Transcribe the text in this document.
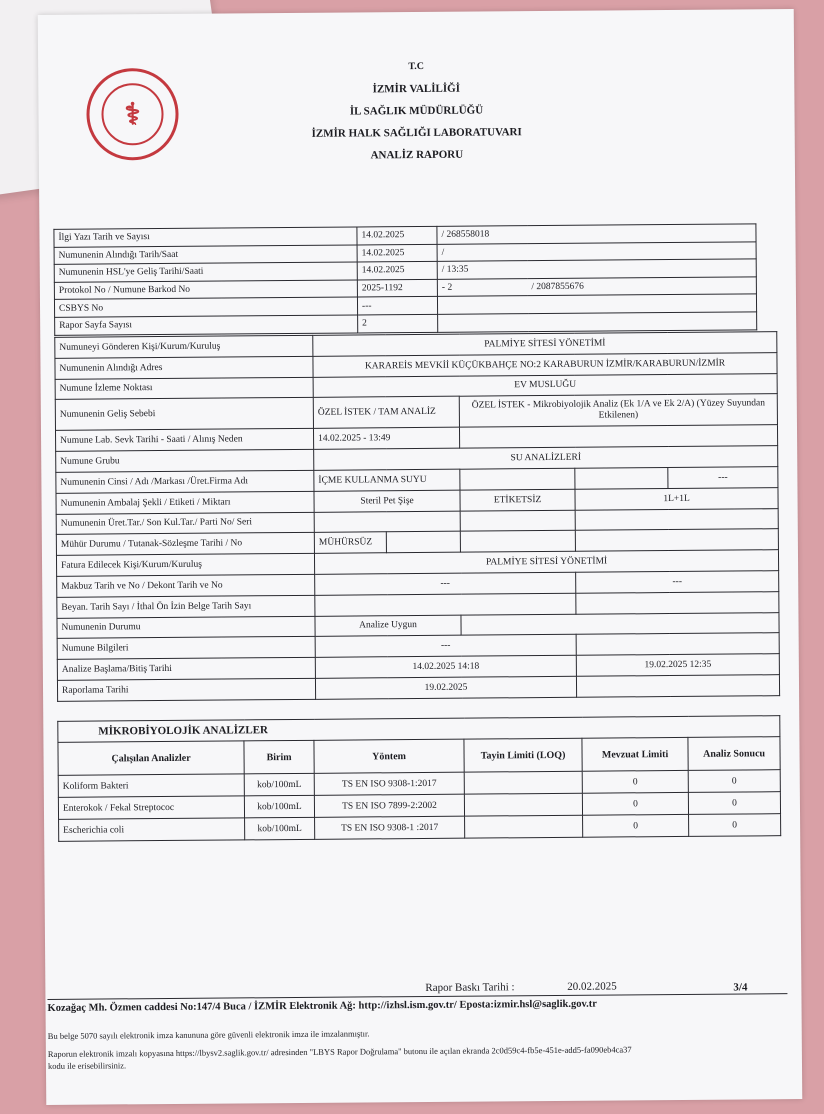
⚕
T.C
İZMİR VALİLİĞİ
İL SAĞLIK MÜDÜRLÜĞÜ
İZMİR HALK SAĞLIĞI LABORATUVARI
ANALİZ RAPORU
İlgi Yazı Tarih ve Sayısı	14.02.2025	/ 268558018	
Numunenin Alındığı Tarih/Saat	14.02.2025	/	
Numunenin HSL'ye Geliş Tarihi/Saati	14.02.2025	/ 13:35	
Protokol No / Numune Barkod No	2025-1192	- 2	/ 2087855676
CSBYS No	---		
Rapor Sayfa Sayısı	2		
Numuneyi Gönderen Kişi/Kurum/Kuruluş	PALMİYE SİTESİ YÖNETİMİ				
Numunenin Alındığı Adres	KARAREİS MEVKİİ KÜÇÜKBAHÇE NO:2 KARABURUN İZMİR/KARABURUN/İZMİR				
Numune İzleme Noktası	EV MUSLUĞU				
Numunenin Geliş Sebebi	ÖZEL İSTEK / TAM ANALİZ		ÖZEL İSTEK - Mikrobiyolojik Analiz (Ek 1/A ve Ek 2/A) (Yüzey Suyundan Etkilenen)		
Numune Lab. Sevk Tarihi - Saati / Alınış Neden	14.02.2025 - 13:49				
Numune Grubu	SU ANALİZLERİ				
Numunenin Cinsi / Adı /Markası /Üret.Firma Adı	İÇME KULLANMA SUYU				---
Numunenin Ambalaj Şekli / Etiketi / Miktarı	Steril Pet Şişe		ETİKETSİZ	1L+1L	
Numunenin Üret.Tar./ Son Kul.Tar./ Parti No/ Seri					
Mühür Durumu / Tutanak-Sözleşme Tarihi / No	MÜHÜRSÜZ				
Fatura Edilecek Kişi/Kurum/Kuruluş	PALMİYE SİTESİ YÖNETİMİ				
Makbuz Tarih ve No / Dekont Tarih ve No	---			---	
Beyan. Tarih Sayı / İthal Ön İzin Belge Tarih Sayı					
Numunenin Durumu	Analize Uygun				
Numune Bilgileri	---				
Analize Başlama/Bitiş Tarihi	14.02.2025 14:18			19.02.2025 12:35	
Raporlama Tarihi	19.02.2025				
MİKROBİYOLOJİK ANALİZLER					
Çalışılan Analizler	Birim	Yöntem	Tayin Limiti (LOQ)	Mevzuat Limiti	Analiz Sonucu
Koliform Bakteri	kob/100mL	TS EN ISO 9308-1:2017		0	0
Enterokok / Fekal Streptococ	kob/100mL	TS EN ISO 7899-2:2002		0	0
Escherichia coli	kob/100mL	TS EN ISO 9308-1 :2017		0	0
Rapor Baskı Tarihi :	20.02.2025	3/4
Kozağaç Mh. Özmen caddesi No:147/4 Buca / İZMİR Elektronik Ağ: http://izhsl.ism.gov.tr/ Eposta:izmir.hsl@saglik.gov.tr
Bu belge 5070 sayılı elektronik imza kanununa göre güvenli elektronik imza ile imzalanmıştır.
Raporun elektronik imzalı kopyasına https://lbysv2.saglik.gov.tr/ adresinden "LBYS Rapor Doğrulama" butonu ile açılan ekranda 2c0d59c4-fb5e-451e-add5-fa090eb4ca37
kodu ile erisebilirsiniz.
